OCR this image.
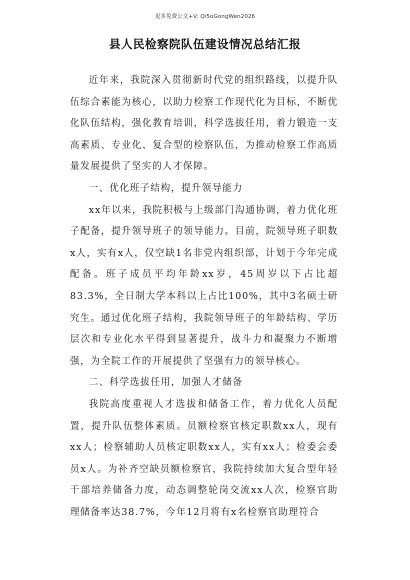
更多免费公文+V: Qi5oGongWen2026
县人民检察院队伍建设情况总结汇报

近年来，我院深入贯彻新时代党的组织路线，以提升队伍综合素能为核心，以助力检察工作现代化为目标，不断优化队伍结构，强化教育培训，科学选拔任用，着力锻造一支高素质、专业化、复合型的检察队伍，为推动检察工作高质量发展提供了坚实的人才保障。

一、优化班子结构，提升领导能力

xx年以来，我院积极与上级部门沟通协调，着力优化班子配备，提升领导班子的领导能力。目前，院领导班子职数x人，实有x人，仅空缺1名非党内组织部，计划于今年完成配备。班子成员平均年龄xx岁，45周岁以下占比超83.3%，全日制大学本科以上占比100%，其中3名硕士研究生。通过优化班子结构，我院领导班子的年龄结构、学历层次和专业化水平得到显著提升，战斗力和凝聚力不断增强，为全院工作的开展提供了坚强有力的领导核心。

二、科学选拔任用，加强人才储备

我院高度重视人才选拔和储备工作，着力优化人员配置，提升队伍整体素质。员额检察官核定职数xx人，现有xx人；检察辅助人员核定职数xx人，实有xx人；检委会委员x人。为补齐空缺员额检察官，我院持续加大复合型年轻干部培养储备力度，动态调整轮岗交流xx人次，检察官助理储备率达38.7%，今年12月将有x名检察官助理符合
